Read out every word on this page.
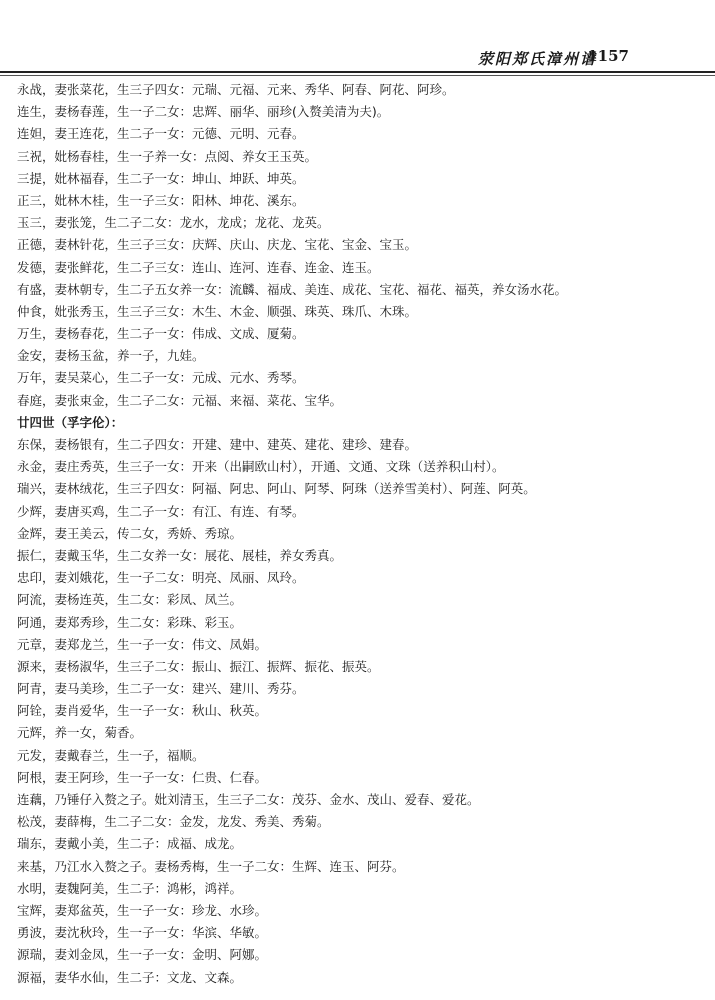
荥阳郑氏漳州谱
1157
永战，妻张菜花，生三子四女：元瑞、元福、元来、秀华、阿春、阿花、阿珍。
连生，妻杨春莲，生一子二女：忠辉、丽华、丽珍(入赘美清为夫)。
连妲，妻王连花，生二子一女：元德、元明、元春。
三祝，妣杨春桂，生一子养一女：点阅、养女王玉英。
三提，妣林福春，生二子一女：坤山、坤跃、坤英。
正三，妣林木桂，生一子三女：阳林、坤花、溪东。
玉三，妻张笼，生二子二女：龙水，龙成；龙花、龙英。
正德，妻林针花，生三子三女：庆辉、庆山、庆龙、宝花、宝金、宝玉。
发德，妻张鲜花，生二子三女：连山、连河、连春、连金、连玉。
有盛，妻林朝专，生二子五女养一女：流麟、福成、美连、成花、宝花、福花、福英，养女汤水花。
仲食，妣张秀玉，生三子三女：木生、木金、顺强、珠英、珠爪、木珠。
万生，妻杨春花，生二子一女：伟成、文成、厦菊。
金安，妻杨玉盆，养一子，九娃。
万年，妻吴菜心，生二子一女：元成、元水、秀琴。
春庭，妻张束金，生二子二女：元福、来福、菜花、宝华。
廿四世（孚字伦）：
东保，妻杨银有，生二子四女：开建、建中、建英、建花、建珍、建春。
永金，妻庄秀英，生三子一女：开来（出嗣欧山村），开通、文通、文珠（送养积山村）。
瑞兴，妻林绒花，生三子四女：阿福、阿忠、阿山、阿琴、阿珠（送养雪美村）、阿莲、阿英。
少辉，妻唐买鸡，生二子一女：有江、有连、有琴。
金辉，妻王美云，传二女，秀娇、秀琼。
振仁，妻戴玉华，生二女养一女：展花、展桂，养女秀真。
忠印，妻刘娥花，生一子二女：明亮、凤丽、凤玲。
阿流，妻杨连英，生二女：彩凤、凤兰。
阿通，妻郑秀珍，生二女：彩珠、彩玉。
元章，妻郑龙兰，生一子一女：伟文、凤娟。
源来，妻杨淑华，生三子二女：振山、振江、振辉、振花、振英。
阿青，妻马美珍，生二子一女：建兴、建川、秀芬。
阿铨，妻肖爱华，生一子一女：秋山、秋英。
元辉，养一女，菊香。
元发，妻戴春兰，生一子，福顺。
阿根，妻王阿珍，生一子一女：仁贵、仁春。
连藕，乃锤仔入赘之子。妣刘清玉，生三子二女：茂芬、金水、茂山、爱春、爱花。
松茂，妻薛梅，生二子二女：金发，龙发、秀美、秀菊。
瑞东，妻戴小美，生二子：成福、成龙。
来基，乃江水入赘之子。妻杨秀梅，生一子二女：生辉、连玉、阿芬。
水明，妻魏阿美，生二子：鸿彬，鸿祥。
宝辉，妻郑盆英，生一子一女：珍龙、水珍。
勇波，妻沈秋玲，生一子一女：华滨、华敏。
源瑞，妻刘金凤，生一子一女：金明、阿娜。
源福，妻华水仙，生二子：文龙、文森。
